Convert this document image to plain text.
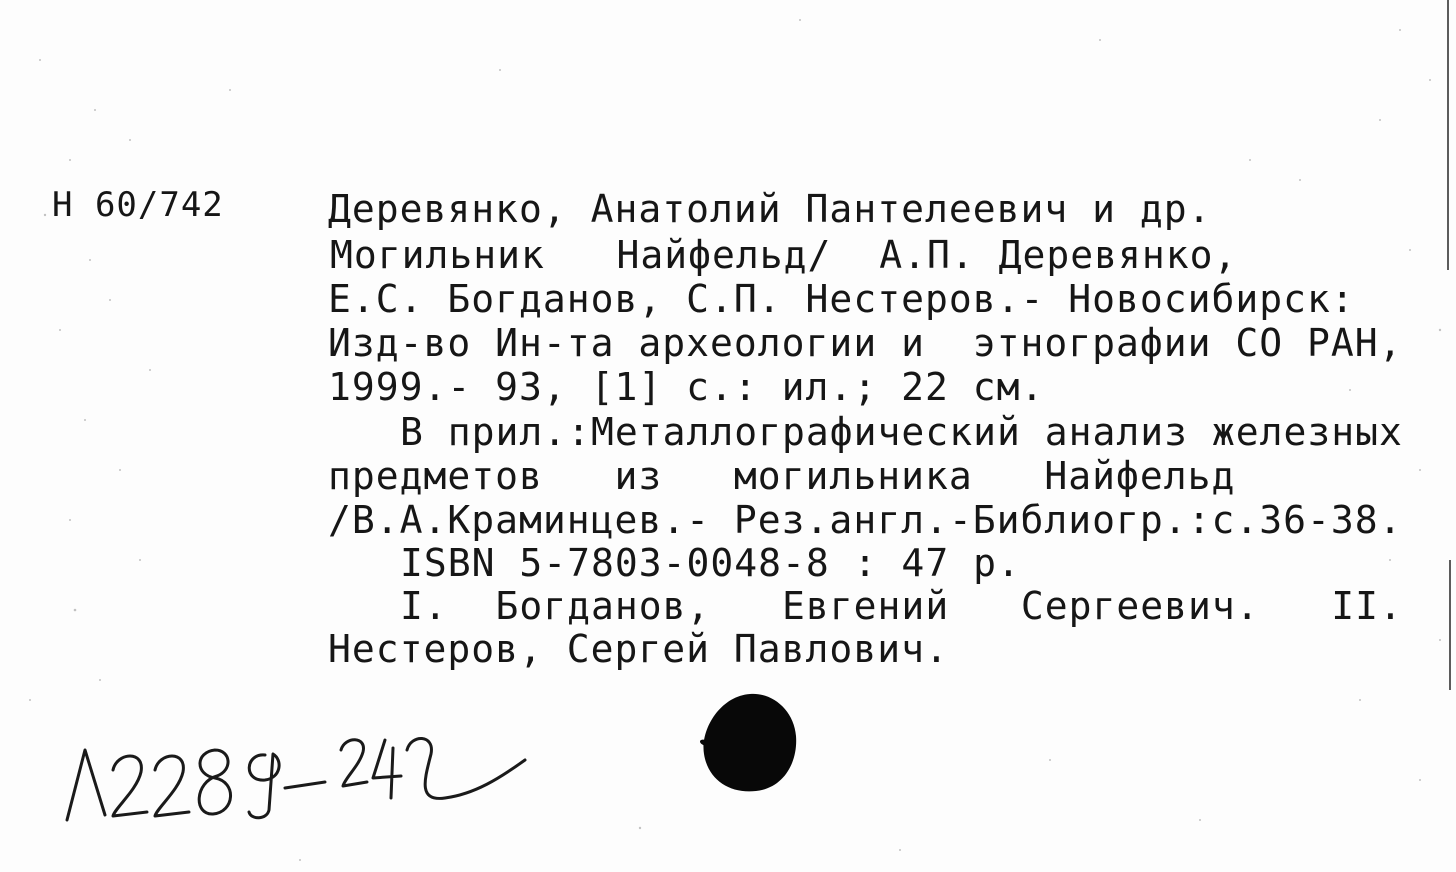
Н 60/742	Деревянко, Анатолий Пантелеевич и др.
Могильник   Найфельд/  А.П. Деревянко,
Е.С. Богданов, С.П. Нестеров.- Новосибирск:
Изд-во Ин-та археологии и  этнографии СО РАН,
1999.- 93, [1] с.: ил.; 22 см.
В прил.:Металлографический анализ железных
предметов   из   могильника   Найфельд
/В.А.Краминцев.- Рез.англ.-Библиогр.:с.36-38.
ISBN 5-7803-0048-8 : 47 р.
I.  Богданов,   Евгений   Сергеевич.   II.
Нестеров, Сергей Павлович.
